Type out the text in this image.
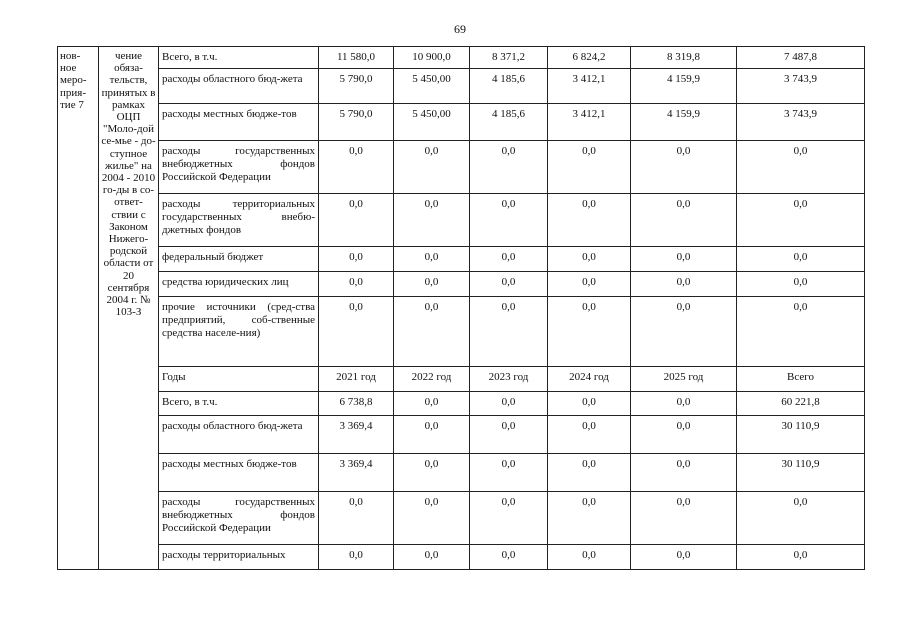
69
нов-ное меро-прия-тие 7	чение обяза-тельств, принятых в рамках ОЦП "Моло-дой се-мье - до-ступное жилье" на 2004 - 2010 го-ды в со-ответ-ствии с Законом Нижего-родской области от 20 сентября 2004 г. № 103-З	Всего, в т.ч.	11 580,0	10 900,0	8 371,2	6 824,2	8 319,8	7 487,8
		расходы областного бюд-жета	5 790,0	5 450,00	4 185,6	3 412,1	4 159,9	3 743,9
		расходы местных бюдже-тов	5 790,0	5 450,00	4 185,6	3 412,1	4 159,9	3 743,9
		расходы государственных внебюджетных фондов Российской Федерации	0,0	0,0	0,0	0,0	0,0	0,0
		расходы территориальных государственных внебю-джетных фондов	0,0	0,0	0,0	0,0	0,0	0,0
		федеральный бюджет	0,0	0,0	0,0	0,0	0,0	0,0
		средства юридических лиц	0,0	0,0	0,0	0,0	0,0	0,0
		прочие источники (сред-ства предприятий, соб-ственные средства населе-ния)	0,0	0,0	0,0	0,0	0,0	0,0
		Годы	2021 год	2022 год	2023 год	2024 год	2025 год	Всего
		Всего, в т.ч.	6 738,8	0,0	0,0	0,0	0,0	60 221,8
		расходы областного бюд-жета	3 369,4	0,0	0,0	0,0	0,0	30 110,9
		расходы местных бюдже-тов	3 369,4	0,0	0,0	0,0	0,0	30 110,9
		расходы государственных внебюджетных фондов Российской Федерации	0,0	0,0	0,0	0,0	0,0	0,0
		расходы территориальных	0,0	0,0	0,0	0,0	0,0	0,0
